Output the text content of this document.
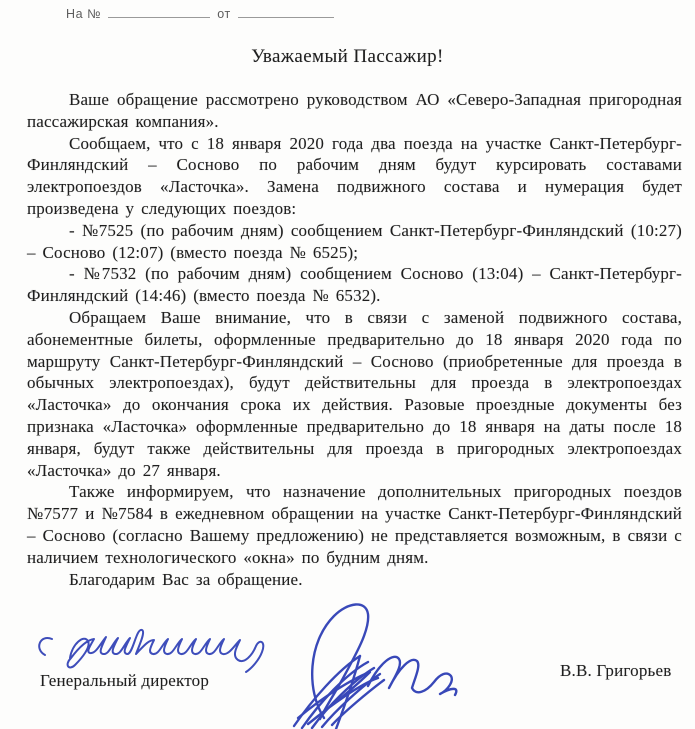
На №	от
Уважаемый Пассажир!

Ваше обращение рассмотрено руководством АО «Северо-Западная пригородная пассажирская компания».

Сообщаем, что с 18 января 2020 года два поезда на участке Санкт-Петербург-Финляндский – Сосново по рабочим дням будут курсировать составами электропоездов «Ласточка». Замена подвижного состава и нумерация будет произведена у следующих поездов:

- №7525 (по рабочим дням) сообщением Санкт-Петербург-Финляндский (10:27) – Сосново (12:07) (вместо поезда № 6525);

- №7532 (по рабочим дням) сообщением Сосново (13:04) – Санкт-Петербург-Финляндский (14:46) (вместо поезда № 6532).

Обращаем Ваше внимание, что в связи с заменой подвижного состава, абонементные билеты, оформленные предварительно до 18 января 2020 года по маршруту Санкт-Петербург-Финляндский – Сосново (приобретенные для проезда в обычных электропоездах), будут действительны для проезда в электропоездах «Ласточка» до окончания срока их действия. Разовые проездные документы без признака «Ласточка» оформленные предварительно до 18 января на даты после 18 января, будут также действительны для проезда в пригородных электропоездах «Ласточка» до 27 января.

Также информируем, что назначение дополнительных пригородных поездов №7577 и №7584 в ежедневном обращении на участке Санкт-Петербург-Финляндский – Сосново (согласно Вашему предложению) не представляется возможным, в связи с наличием технологического «окна» по будним дням.

Благодарим Вас за обращение.

Генеральный директор
В.В. Григорьев
